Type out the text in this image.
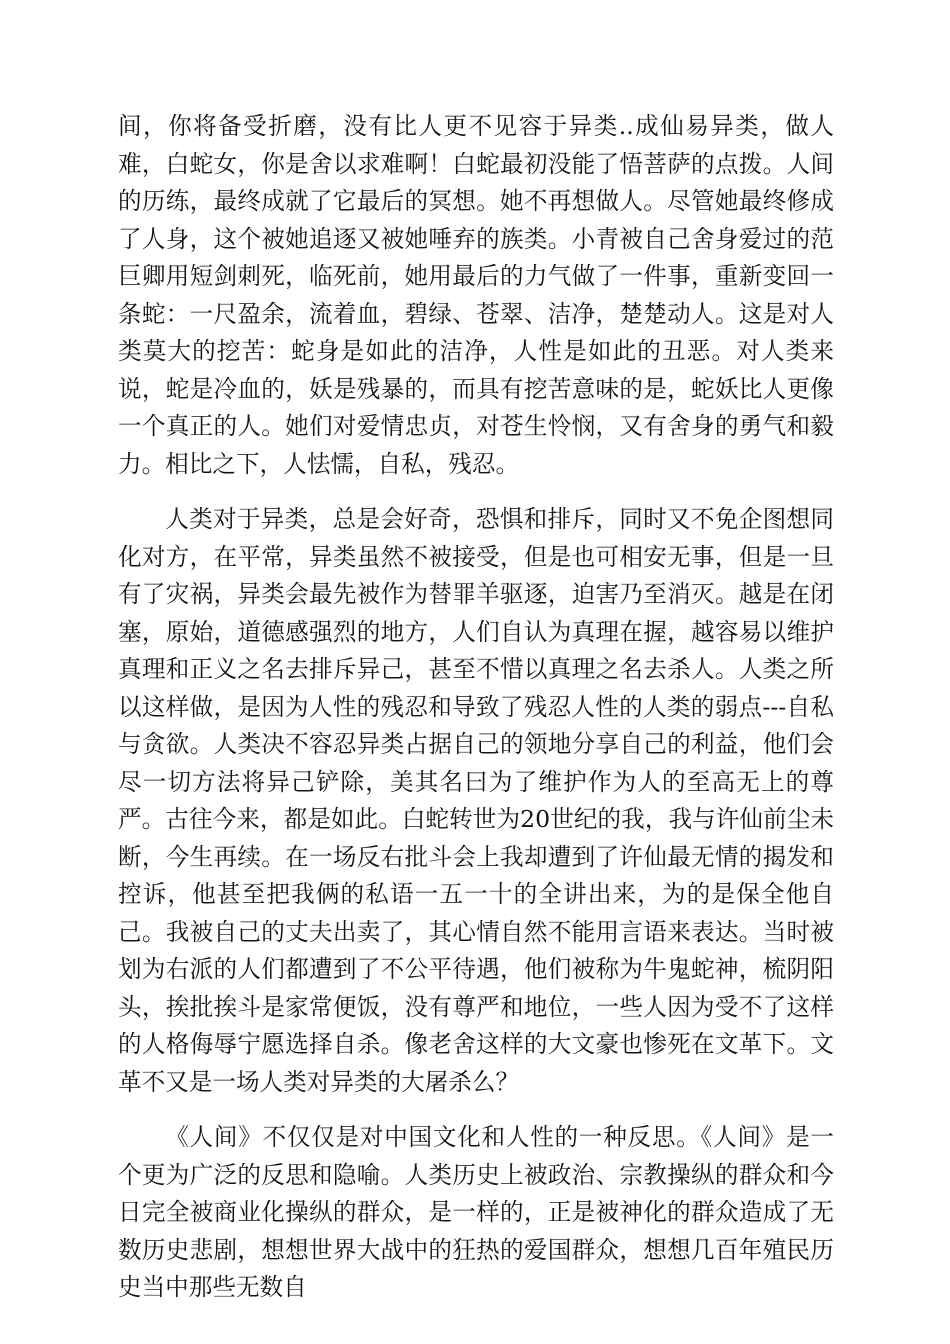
间，你将备受折磨，没有比人更不见容于异类..成仙易异类，做人难，白蛇女，你是舍以求难啊！白蛇最初没能了悟菩萨的点拨。人间的历练，最终成就了它最后的冥想。她不再想做人。尽管她最终修成了人身，这个被她追逐又被她唾弃的族类。小青被自己舍身爱过的范巨卿用短剑刺死，临死前，她用最后的力气做了一件事，重新变回一条蛇：一尺盈余，流着血，碧绿、苍翠、洁净，楚楚动人。这是对人类莫大的挖苦：蛇身是如此的洁净，人性是如此的丑恶。对人类来说，蛇是冷血的，妖是残暴的，而具有挖苦意味的是，蛇妖比人更像一个真正的人。她们对爱情忠贞，对苍生怜悯，又有舍身的勇气和毅力。相比之下，人怯懦，自私，残忍。

人类对于异类，总是会好奇，恐惧和排斥，同时又不免企图想同化对方，在平常，异类虽然不被接受，但是也可相安无事，但是一旦有了灾祸，异类会最先被作为替罪羊驱逐，迫害乃至消灭。越是在闭塞，原始，道德感强烈的地方，人们自认为真理在握，越容易以维护真理和正义之名去排斥异己，甚至不惜以真理之名去杀人。人类之所以这样做，是因为人性的残忍和导致了残忍人性的人类的弱点---自私与贪欲。人类决不容忍异类占据自己的领地分享自己的利益，他们会尽一切方法将异己铲除，美其名曰为了维护作为人的至高无上的尊严。古往今来，都是如此。白蛇转世为20世纪的我，我与许仙前尘未断，今生再续。在一场反右批斗会上我却遭到了许仙最无情的揭发和控诉，他甚至把我俩的私语一五一十的全讲出来，为的是保全他自己。我被自己的丈夫出卖了，其心情自然不能用言语来表达。当时被划为右派的人们都遭到了不公平待遇，他们被称为牛鬼蛇神，梳阴阳头，挨批挨斗是家常便饭，没有尊严和地位，一些人因为受不了这样的人格侮辱宁愿选择自杀。像老舍这样的大文豪也惨死在文革下。文革不又是一场人类对异类的大屠杀么？

《人间》不仅仅是对中国文化和人性的一种反思。《人间》是一个更为广泛的反思和隐喻。人类历史上被政治、宗教操纵的群众和今日完全被商业化操纵的群众，是一样的，正是被神化的群众造成了无数历史悲剧，想想世界大战中的狂热的爱国群众，想想几百年殖民历史当中那些无数自
